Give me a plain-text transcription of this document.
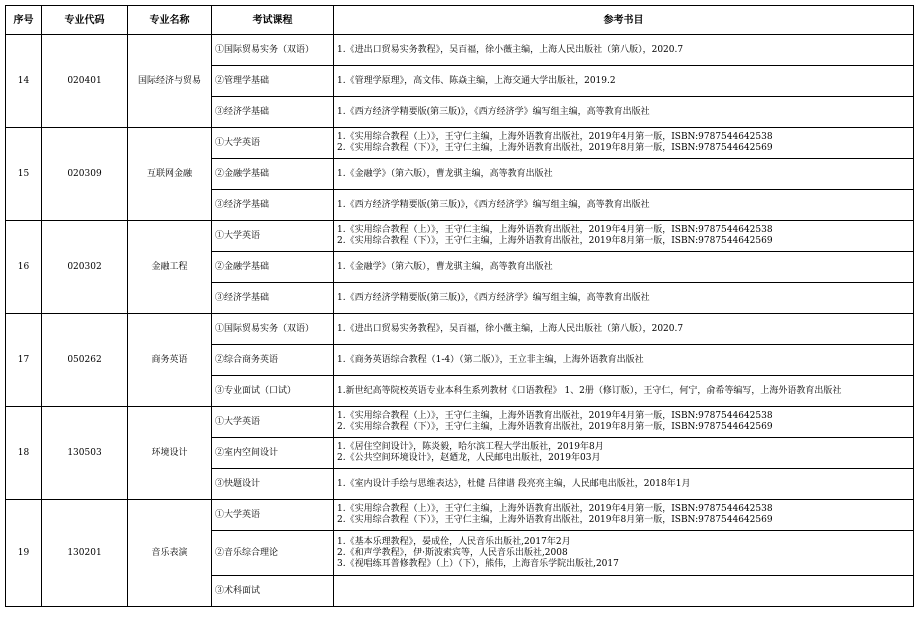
序号	专业代码	专业名称	考试课程	参考书目
14	020401	国际经济与贸易	①国际贸易实务（双语）	1.《进出口贸易实务教程》，吴百福，徐小薇主编，上海人民出版社（第八版），2020.7

			②管理学基础	1.《管理学原理》，高文伟、陈焱主编，上海交通大学出版社，2019.2

			③经济学基础	1.《西方经济学精要版(第三版)》，《西方经济学》编写组主编，高等教育出版社

15	020309	互联网金融	①大学英语	1.《实用综合教程（上）》，王守仁主编，上海外语教育出版社，2019年4月第一版，ISBN:9787544642538
2.《实用综合教程（下）》，王守仁主编，上海外语教育出版社，2019年8月第一版，ISBN:9787544642569

			②金融学基础	1.《金融学》（第六版），曹龙骐主编，高等教育出版社

			③经济学基础	1.《西方经济学精要版(第三版)》，《西方经济学》编写组主编，高等教育出版社

16	020302	金融工程	①大学英语	1.《实用综合教程（上）》，王守仁主编，上海外语教育出版社，2019年4月第一版，ISBN:9787544642538
2.《实用综合教程（下）》，王守仁主编，上海外语教育出版社，2019年8月第一版，ISBN:9787544642569

			②金融学基础	1.《金融学》（第六版），曹龙骐主编，高等教育出版社

			③经济学基础	1.《西方经济学精要版(第三版)》，《西方经济学》编写组主编，高等教育出版社

17	050262	商务英语	①国际贸易实务（双语）	1.《进出口贸易实务教程》，吴百福，徐小薇主编，上海人民出版社（第八版），2020.7

			②综合商务英语	1.《商务英语综合教程（1-4）（第二版）》，王立非主编，上海外语教育出版社

			③专业面试（口试）	1.新世纪高等院校英语专业本科生系列教材《口语教程》 1、2册（修订版），王守仁，何宁，俞希等编写，上海外语教育出版社
18	130503	环境设计	①大学英语	1.《实用综合教程（上）》，王守仁主编，上海外语教育出版社，2019年4月第一版，ISBN:9787544642538
2.《实用综合教程（下）》，王守仁主编，上海外语教育出版社，2019年8月第一版，ISBN:9787544642569

			②室内空间设计	1.《居住空间设计》，陈炎毅，哈尔滨工程大学出版社，2019年8月
2.《公共空间环境设计》，赵廼龙，人民邮电出版社，2019年03月

			③快题设计	1.《室内设计手绘与思维表达》，杜健 吕律谱 段亮亮主编，人民邮电出版社，2018年1月

19	130201	音乐表演	①大学英语	1.《实用综合教程（上）》，王守仁主编，上海外语教育出版社，2019年4月第一版，ISBN:9787544642538
2.《实用综合教程（下）》，王守仁主编，上海外语教育出版社，2019年8月第一版，ISBN:9787544642569

			②音乐综合理论	1.《基本乐理教程》，晏成佺，人民音乐出版社,2017年2月
2.《和声学教程》，伊·斯波索宾等，人民音乐出版社,2008
3.《视唱练耳普修教程》（上）（下），熊伟，上海音乐学院出版社,2017

			③术科面试	
